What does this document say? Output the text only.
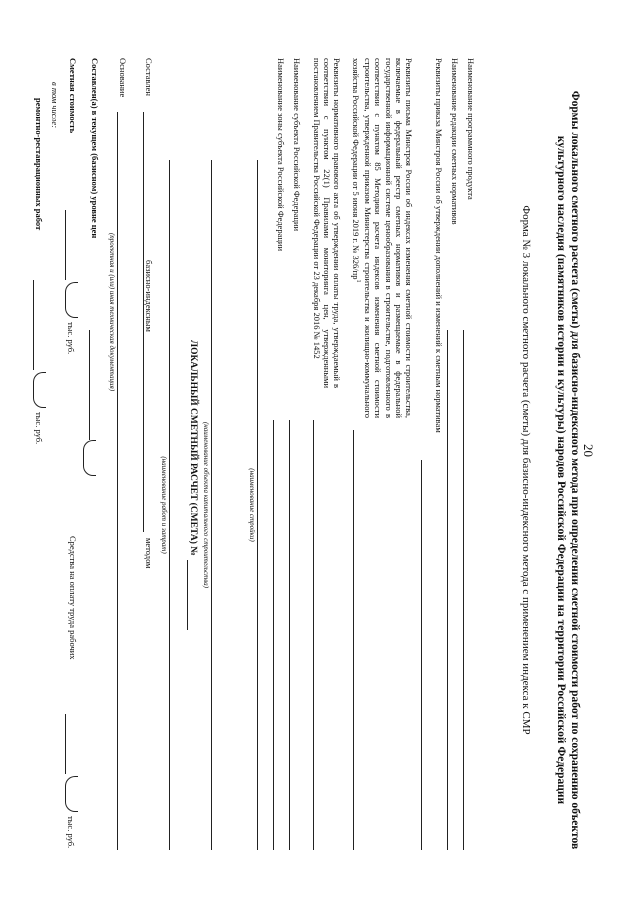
20
Формы локального сметного расчета (сметы) для базисно-индексного метода при определении сметной стоимости работ по сохранению объектов культурного наследия (памятников истории и культуры) народов Российской Федерации на территории Российской Федерации
Форма № 3 локального сметного расчета (сметы) для базисно-индексного метода с применением индекса к СМР
Наименование программного продукта
Наименование редакции сметных нормативов
Реквизиты приказа Минстроя России об утверждении дополнений и изменений к сметным нормативам
Реквизиты письма Минстроя России об индексах изменения сметной стоимости строительства, включаемые в федеральный реестр сметных нормативов и размещаемые в федеральной государственной информационной системе ценообразования в строительстве, подготовленного в соответствии с пунктом 85 Методики расчета индексов изменения сметной стоимости строительства, утвержденной приказом Министерства строительства и жилищно-коммунального хозяйства Российской Федерации от 5 июня 2019 г. № $326/пр^1$
Реквизиты нормативного правового акта об утверждении оплаты труда, утверждаемый в соответствии с пунктом 22(1) Правилами мониторинга цен, утвержденными постановлением Правительства Российской Федерации от 23 декабря 2016 № 1452
Наименование субъекта Российской Федерации
Наименование зоны субъекта Российской Федерации
(наименование стройки)
(наименование объекта капитального строительства)
ЛОКАЛЬНЫЙ СМЕТНЫЙ РАСЧЕТ (СМЕТА) №
(наименование работ и затрат)
Составлен
базисно-индексным
методом
Основание
(проектная и (или) иная техническая документация)
Составлен(а) в текущем (базисном) уровне цен
Сметная стоимость
тыс. руб.
Средства на оплату труда рабочих
тыс. руб.
в том числе:
ремонтно-реставрационных работ
тыс. руб.
